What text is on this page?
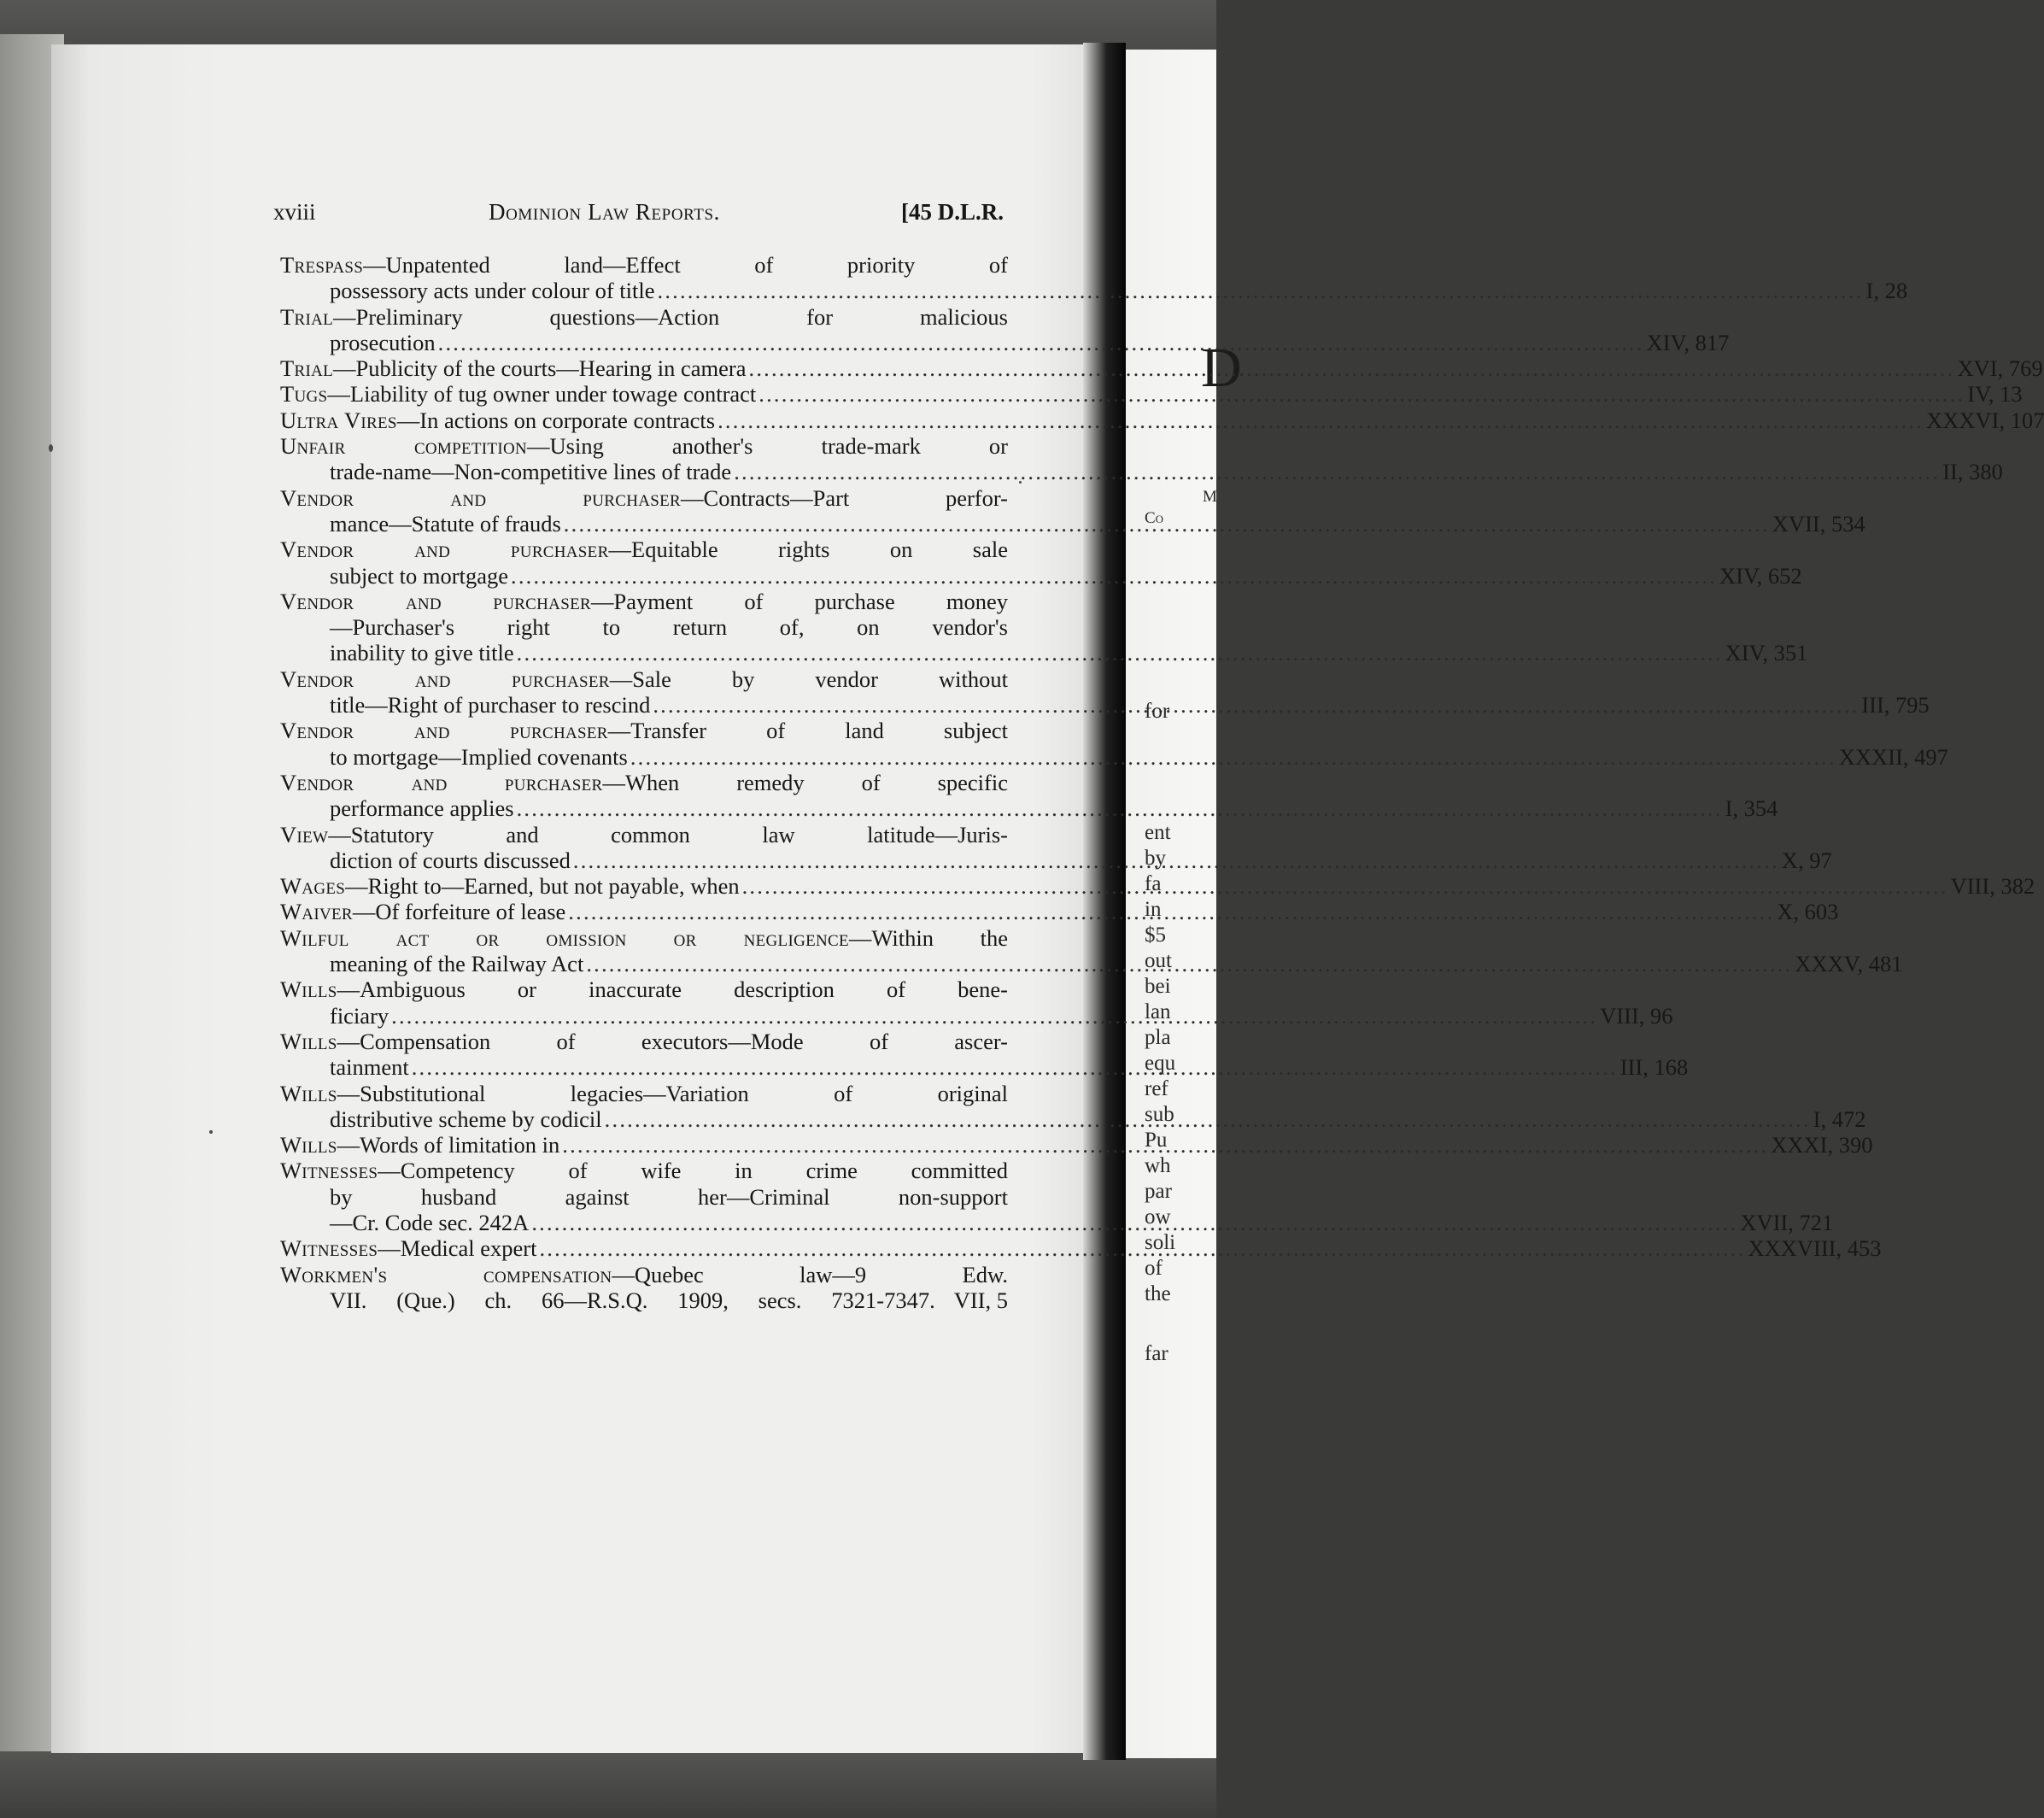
D
M
Co
for
ent
by
fa
in
$5
out
bei
lan
pla
equ
ref
sub
Pu
wh
par
ow
soli
of
the
far
xviii	Dominion Law Reports.	[45 D.L.R.
Trespass—Unpatented land—Effect of priority of
possessory acts under colour of title .....	I, 28
Trial—Preliminary questions—Action for malicious
prosecution .....	XIV, 817
Trial—Publicity of the courts—Hearing in camera .....	XVI, 769
Tugs—Liability of tug owner under towage contract .....	IV, 13
Ultra Vires—In actions on corporate contracts .....	XXXVI, 107
Unfair competition—Using another's trade-mark or
trade-name—Non-competitive lines of trade .....	II, 380
Vendor and purchaser—Contracts—Part perfor-
mance—Statute of frauds .....	XVII, 534
Vendor and purchaser—Equitable rights on sale
subject to mortgage .....	XIV, 652
Vendor and purchaser—Payment of purchase money
—Purchaser's right to return of, on vendor's
inability to give title .....	XIV, 351
Vendor and purchaser—Sale by vendor without
title—Right of purchaser to rescind .....	III, 795
Vendor and purchaser—Transfer of land subject
to mortgage—Implied covenants .....	XXXII, 497
Vendor and purchaser—When remedy of specific
performance applies .....	I, 354
View—Statutory and common law latitude—Juris-
diction of courts discussed .....	X, 97
Wages—Right to—Earned, but not payable, when .....	VIII, 382
Waiver—Of forfeiture of lease .....	X, 603
Wilful act or omission or negligence—Within the
meaning of the Railway Act .....	XXXV, 481
Wills—Ambiguous or inaccurate description of bene-
ficiary .....	VIII, 96
Wills—Compensation of executors—Mode of ascer-
tainment .....	III, 168
Wills—Substitutional legacies—Variation of original
distributive scheme by codicil .....	I, 472
Wills—Words of limitation in .....	XXXI, 390
Witnesses—Competency of wife in crime committed
by husband against her—Criminal non-support
—Cr. Code sec. 242A .....	XVII, 721
Witnesses—Medical expert .....	XXXVIII, 453
Workmen's compensation—Quebec law—9 Edw.
VII. (Que.) ch. 66—R.S.Q. 1909, secs. 7321-7347. VII, 5
